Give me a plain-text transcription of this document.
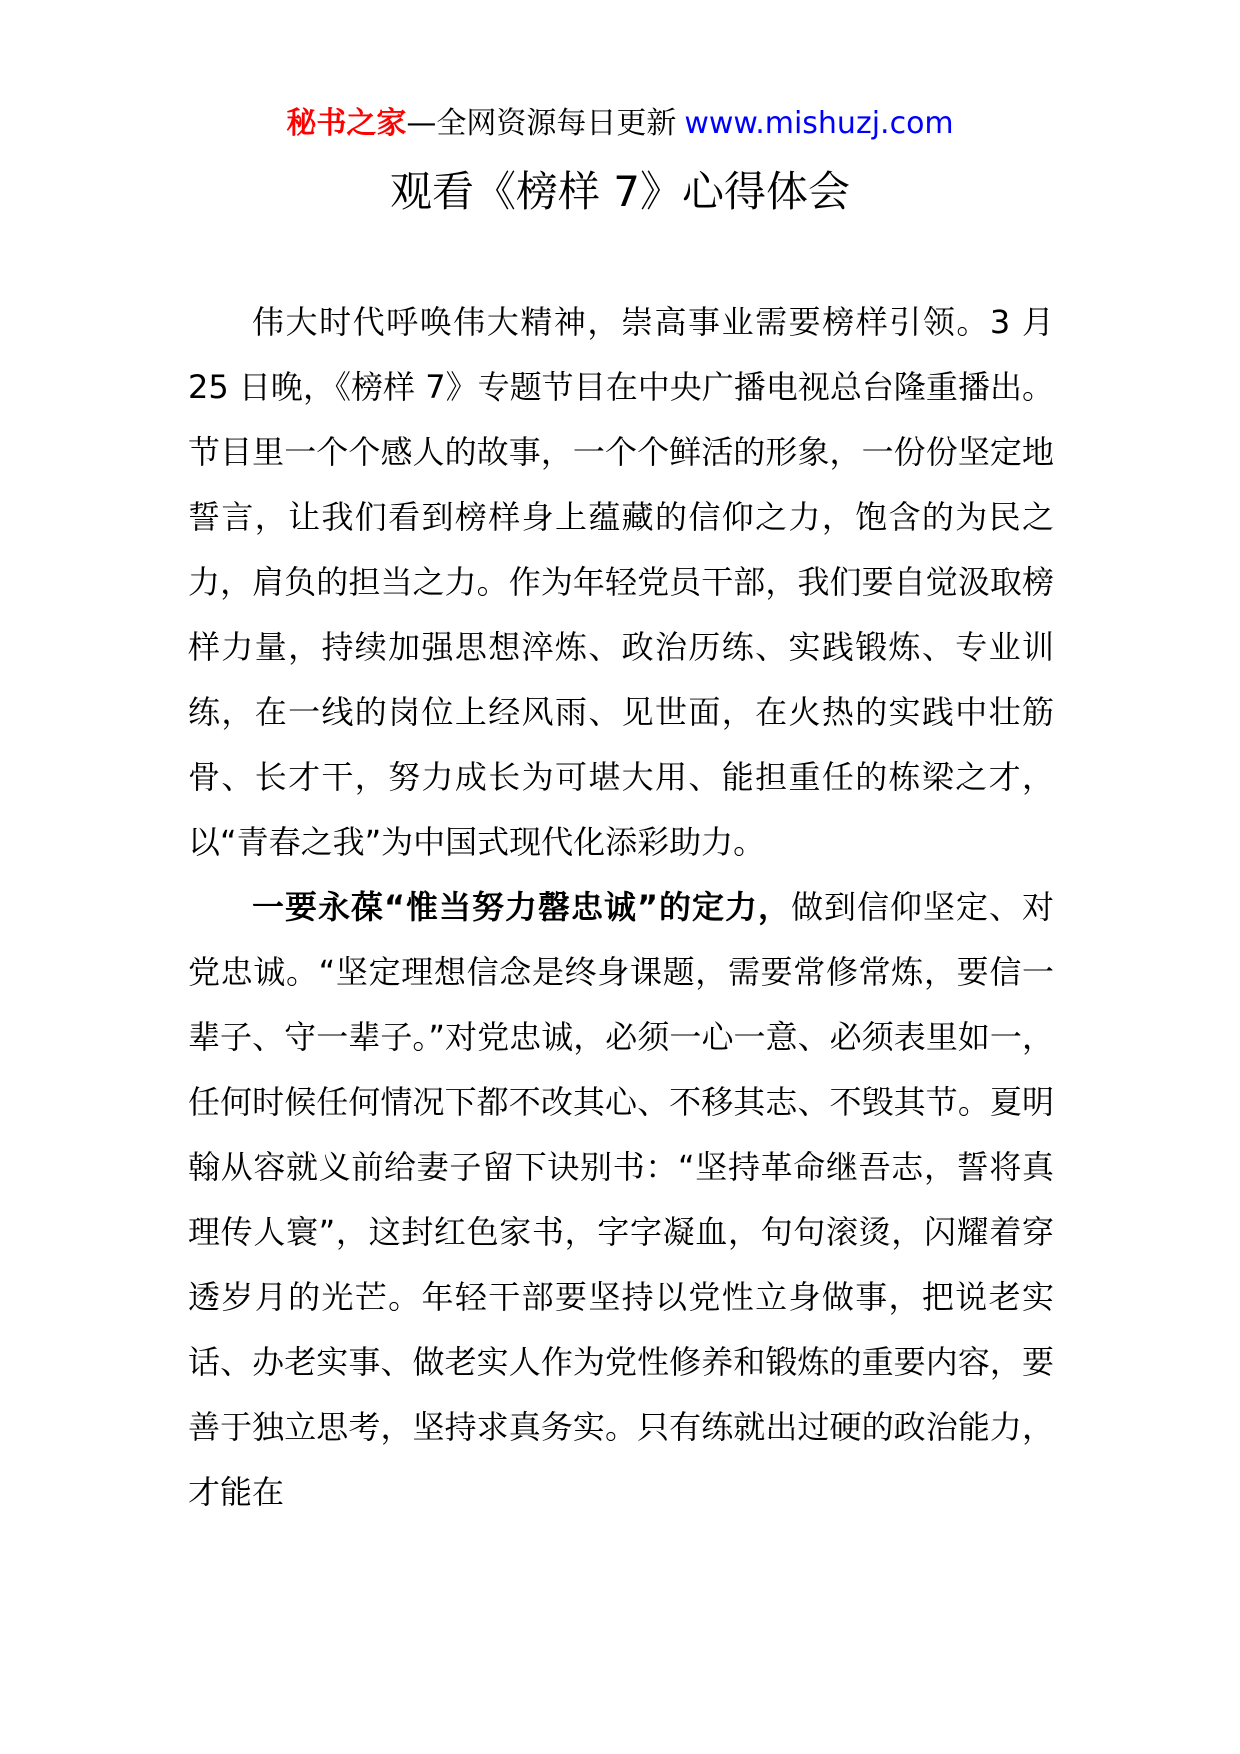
秘书之家—全网资源每日更新 www.mishuzj.com
观看《榜样 7》心得体会

伟大时代呼唤伟大精神，崇高事业需要榜样引领。3 月 25 日晚，《榜样 7》专题节目在中央广播电视总台隆重播出。节目里一个个感人的故事，一个个鲜活的形象，一份份坚定地誓言，让我们看到榜样身上蕴藏的信仰之力，饱含的为民之力，肩负的担当之力。作为年轻党员干部，我们要自觉汲取榜样力量，持续加强思想淬炼、政治历练、实践锻炼、专业训练，在一线的岗位上经风雨、见世面，在火热的实践中壮筋骨、长才干，努力成长为可堪大用、能担重任的栋梁之才，以“青春之我”为中国式现代化添彩助力。

一要永葆“惟当努力罄忠诚”的定力，做到信仰坚定、对党忠诚。“坚定理想信念是终身课题，需要常修常炼，要信一辈子、守一辈子。”对党忠诚，必须一心一意、必须表里如一，任何时候任何情况下都不改其心、不移其志、不毁其节。夏明翰从容就义前给妻子留下诀别书：“坚持革命继吾志，誓将真理传人寰”，这封红色家书，字字凝血，句句滚烫，闪耀着穿透岁月的光芒。年轻干部要坚持以党性立身做事，把说老实话、办老实事、做老实人作为党性修养和锻炼的重要内容，要善于独立思考，坚持求真务实。只有练就出过硬的政治能力，才能在
